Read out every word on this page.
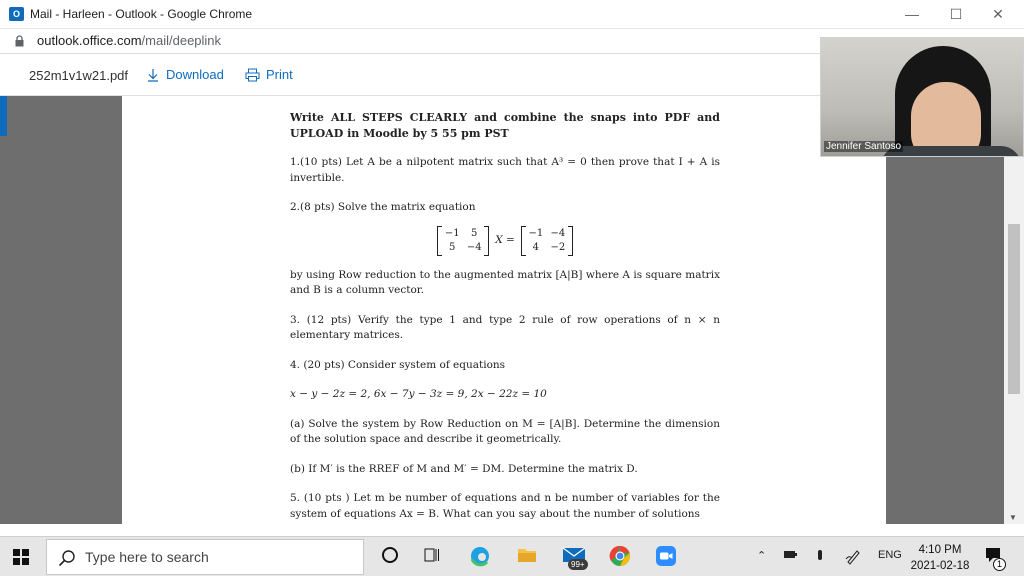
O Mail - Harleen - Outlook - Google Chrome	—	☐	✕
outlook.office.com/mail/deeplink
252m1v1w21.pdf	Download	Print

Write ALL STEPS CLEARLY and combine the snaps into PDF and UPLOAD in Moodle by 5 55 pm PST

1.(10 pts) Let A be a nilpotent matrix such that A³ = 0 then prove that I + A is invertible.

2.(8 pts) Solve the matrix equation

−1	5
5	−4
X =
−1 −4
4	−2

by using Row reduction to the augmented matrix [A|B] where A is square matrix and B is a column vector.

3. (12 pts) Verify the type 1 and type 2 rule of row operations of n × n elementary matrices.

4. (20 pts) Consider system of equations

x − y − 2z = 2, 6x − 7y − 3z = 9, 2x − 22z = 10

(a) Solve the system by Row Reduction on M = [A|B]. Determine the dimension of the solution space and describe it geometrically.

(b) If M′ is the RREF of M and M′ = DM. Determine the matrix D.

5. (10 pts ) Let m be number of equations and n be number of variables for the system of equations Ax = B. What can you say about the number of solutions	▼
Jennifer Santoso
Type here to search
99+
⌃	ENG	4:10 PM
2021-02-18	1
